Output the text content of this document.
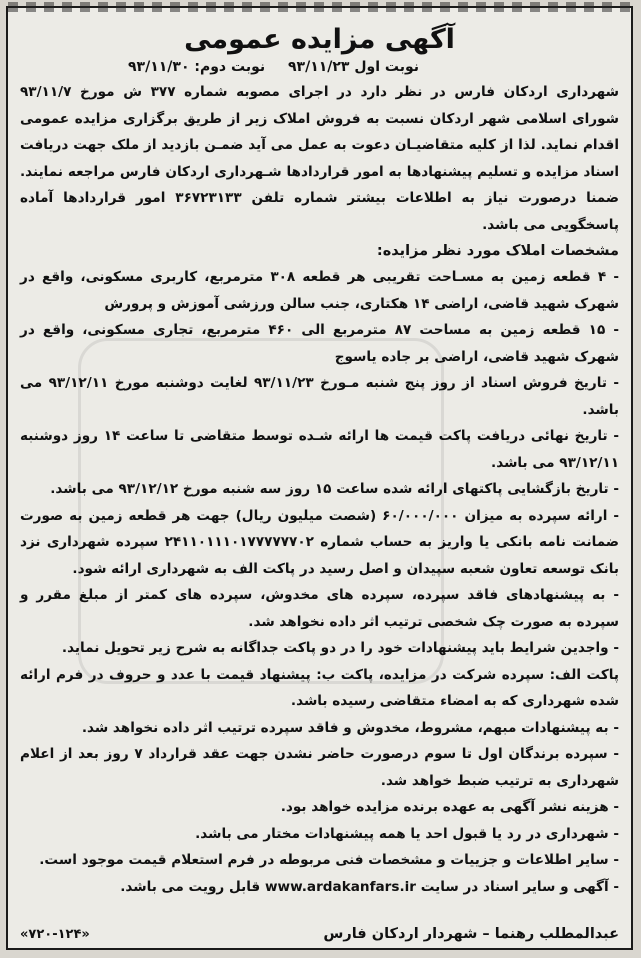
آگهی مزایده عمومی
نوبت اول ۹۳/۱۱/۲۳ نوبت دوم: ۹۳/۱۱/۳۰

شهرداری اردکان فارس در نظر دارد در اجرای مصوبه شماره ۳۷۷ ش مورخ ۹۳/۱۱/۷ شورای اسلامی شهر اردکان نسبت به فروش املاک زیر از طریق برگزاری مزایده عمومی اقدام نماید. لذا از کلیه متقاضیـان دعوت به عمل می آید ضمـن بازدید از ملک جهت دریافت اسناد مزایده و تسلیم پیشنهادها به امور قراردادها شـهرداری اردکان فارس مراجعه نمایند. ضمنا درصورت نیاز به اطلاعات بیشتر شماره تلفن ۳۶۷۲۳۱۳۳ امور قراردادها آماده پاسخگویی می باشد.

مشخصات املاک مورد نظر مزایده:
- ۴ قطعه زمین به مسـاحت تقریبی هر قطعه ۳۰۸ مترمربع، کاربری مسکونی، واقع در شهرک شهید قاضی، اراضی ۱۴ هکتاری، جنب سالن ورزشی آموزش و پرورش
- ۱۵ قطعه زمین به مساحت ۸۷ مترمربع الی ۴۶۰ مترمربع، تجاری مسکونی، واقع در شهرک شهید قاضی، اراضی بر جاده یاسوج
- تاریخ فروش اسناد از روز پنج شنبه مـورخ ۹۳/۱۱/۲۳ لغایت دوشنبه مورخ ۹۳/۱۲/۱۱ می باشد.
- تاریخ نهائی دریافت پاکت قیمت ها ارائه شـده توسط متقاضی تا ساعت ۱۴ روز دوشنبه ۹۳/۱۲/۱۱ می باشد.
- تاریخ بازگشایی پاکتهای ارائه شده ساعت ۱۵ روز سه شنبه مورخ ۹۳/۱۲/۱۲ می باشد.
- ارائه سپرده به میزان ۶۰/۰۰۰/۰۰۰ (شصت میلیون ریال) جهت هر قطعه زمین به صورت ضمانت نامه بانکی یا واریز به حساب شماره ۲۴۱۱۰۱۱۱۰۱۷۷۷۷۷۷۰۲ سپرده شهرداری نزد بانک توسعه تعاون شعبه سپیدان و اصل رسید در پاکت الف به شهرداری ارائه شود.
- به پیشنهادهای فاقد سپرده، سپرده های مخدوش، سپرده های کمتر از مبلغ مقرر و سپرده به صورت چک شخصی ترتیب اثر داده نخواهد شد.
- واجدین شرایط باید پیشنهادات خود را در دو پاکت جداگانه به شرح زیر تحویل نماید.
پاکت الف: سپرده شرکت در مزایده، پاکت ب: پیشنهاد قیمت با عدد و حروف در فرم ارائه شده شهرداری که به امضاء متقاضی رسیده باشد.
- به پیشنهادات مبهم، مشروط، مخدوش و فاقد سپرده ترتیب اثر داده نخواهد شد.
- سپرده برندگان اول تا سوم درصورت حاضر نشدن جهت عقد قرارداد ۷ روز بعد از اعلام شهرداری به ترتیب ضبط خواهد شد.
- هزینه نشر آگهی به عهده برنده مزایده خواهد بود.
- شهرداری در رد یا قبول احد یا همه پیشنهادات مختار می باشد.
- سایر اطلاعات و جزییات و مشخصات فنی مربوطه در فرم استعلام قیمت موجود است.
- آگهی و سایر اسناد در سایت www.ardakanfars.ir قابل رویت می باشد.
عبدالمطلب رهنما – شهردار اردکان فارس
«۷۲۰-۱۲۴»
